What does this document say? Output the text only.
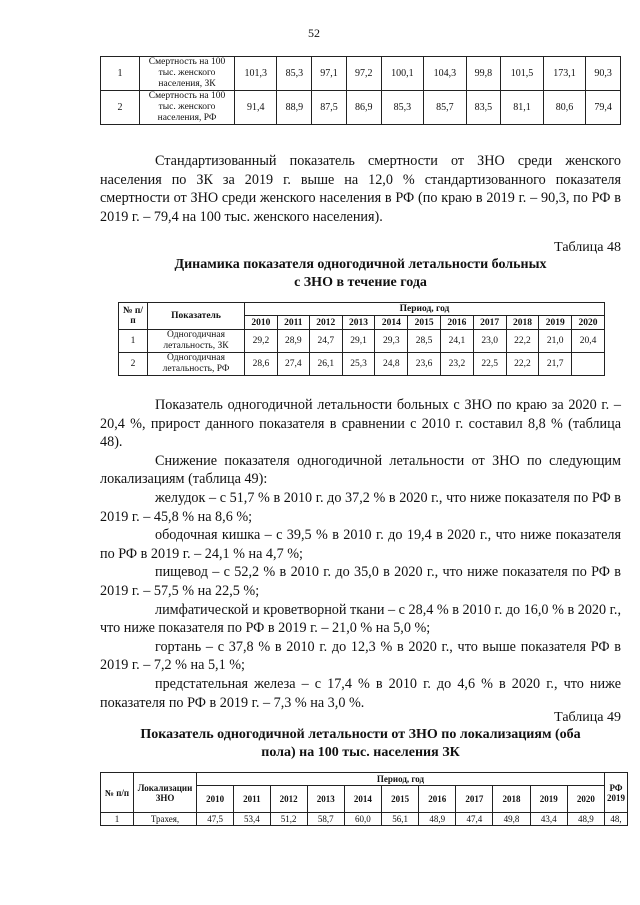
52
1	Смертность на 100 тыс. женского населения, ЗК	101,3	85,3	97,1	97,2	100,1	104,3	99,8	101,5	173,1	90,3
2	Смертность на 100 тыс. женского населения, РФ	91,4	88,9	87,5	86,9	85,3	85,7	83,5	81,1	80,6	79,4

Стандартизованный показатель смертности от ЗНО среди женского населения по ЗК за 2019 г. выше на 12,0 % стандартизованного показателя смертности от ЗНО среди женского населения в РФ (по краю в 2019 г. – 90,3, по РФ в 2019 г. – 79,4 на 100 тыс. женского населения).

Таблица 48
Динамика показателя одногодичной летальности больных
с ЗНО в течение года
№ п/п	Показатель	Период, год										
		2010	2011	2012	2013	2014	2015	2016	2017	2018	2019	2020
1	Одногодичная летальность, ЗК	29,2	28,9	24,7	29,1	29,3	28,5	24,1	23,0	22,2	21,0	20,4
2	Одногодичная летальность, РФ	28,6	27,4	26,1	25,3	24,8	23,6	23,2	22,5	22,2	21,7	

Показатель одногодичной летальности больных с ЗНО по краю за 2020 г. – 20,4 %, прирост данного показателя в сравнении с 2010 г. составил 8,8 % (таблица 48).

Снижение показателя одногодичной летальности от ЗНО по следующим локализациям (таблица 49):

желудок – с 51,7 % в 2010 г. до 37,2 % в 2020 г., что ниже показателя по РФ в 2019 г. – 45,8 % на 8,6 %;

ободочная кишка – с 39,5 % в 2010 г. до 19,4 в 2020 г., что ниже показателя по РФ в 2019 г. – 24,1 % на 4,7 %;

пищевод – с 52,2 % в 2010 г. до 35,0 в 2020 г., что ниже показателя по РФ в 2019 г. – 57,5 % на 22,5 %;

лимфатической и кроветворной ткани – с 28,4 % в 2010 г. до 16,0 % в 2020 г., что ниже показателя по РФ в 2019 г. – 21,0 % на 5,0 %;

гортань – с 37,8 % в 2010 г. до 12,3 % в 2020 г., что выше показателя РФ в 2019 г. – 7,2 % на 5,1 %;

предстательная железа – с 17,4 % в 2010 г. до 4,6 % в 2020 г., что ниже показателя по РФ в 2019 г. – 7,3 % на 3,0 %.

Таблица 49
Показатель одногодичной летальности от ЗНО по локализациям (оба
пола) на 100 тыс. населения ЗК
№ п/п	Локализации ЗНО	Период, год											РФ 2019
		2010	2011	2012	2013	2014	2015	2016	2017	2018	2019	2020	
1	Трахея,	47,5	53,4	51,2	58,7	60,0	56,1	48,9	47,4	49,8	43,4	48,9	48,
